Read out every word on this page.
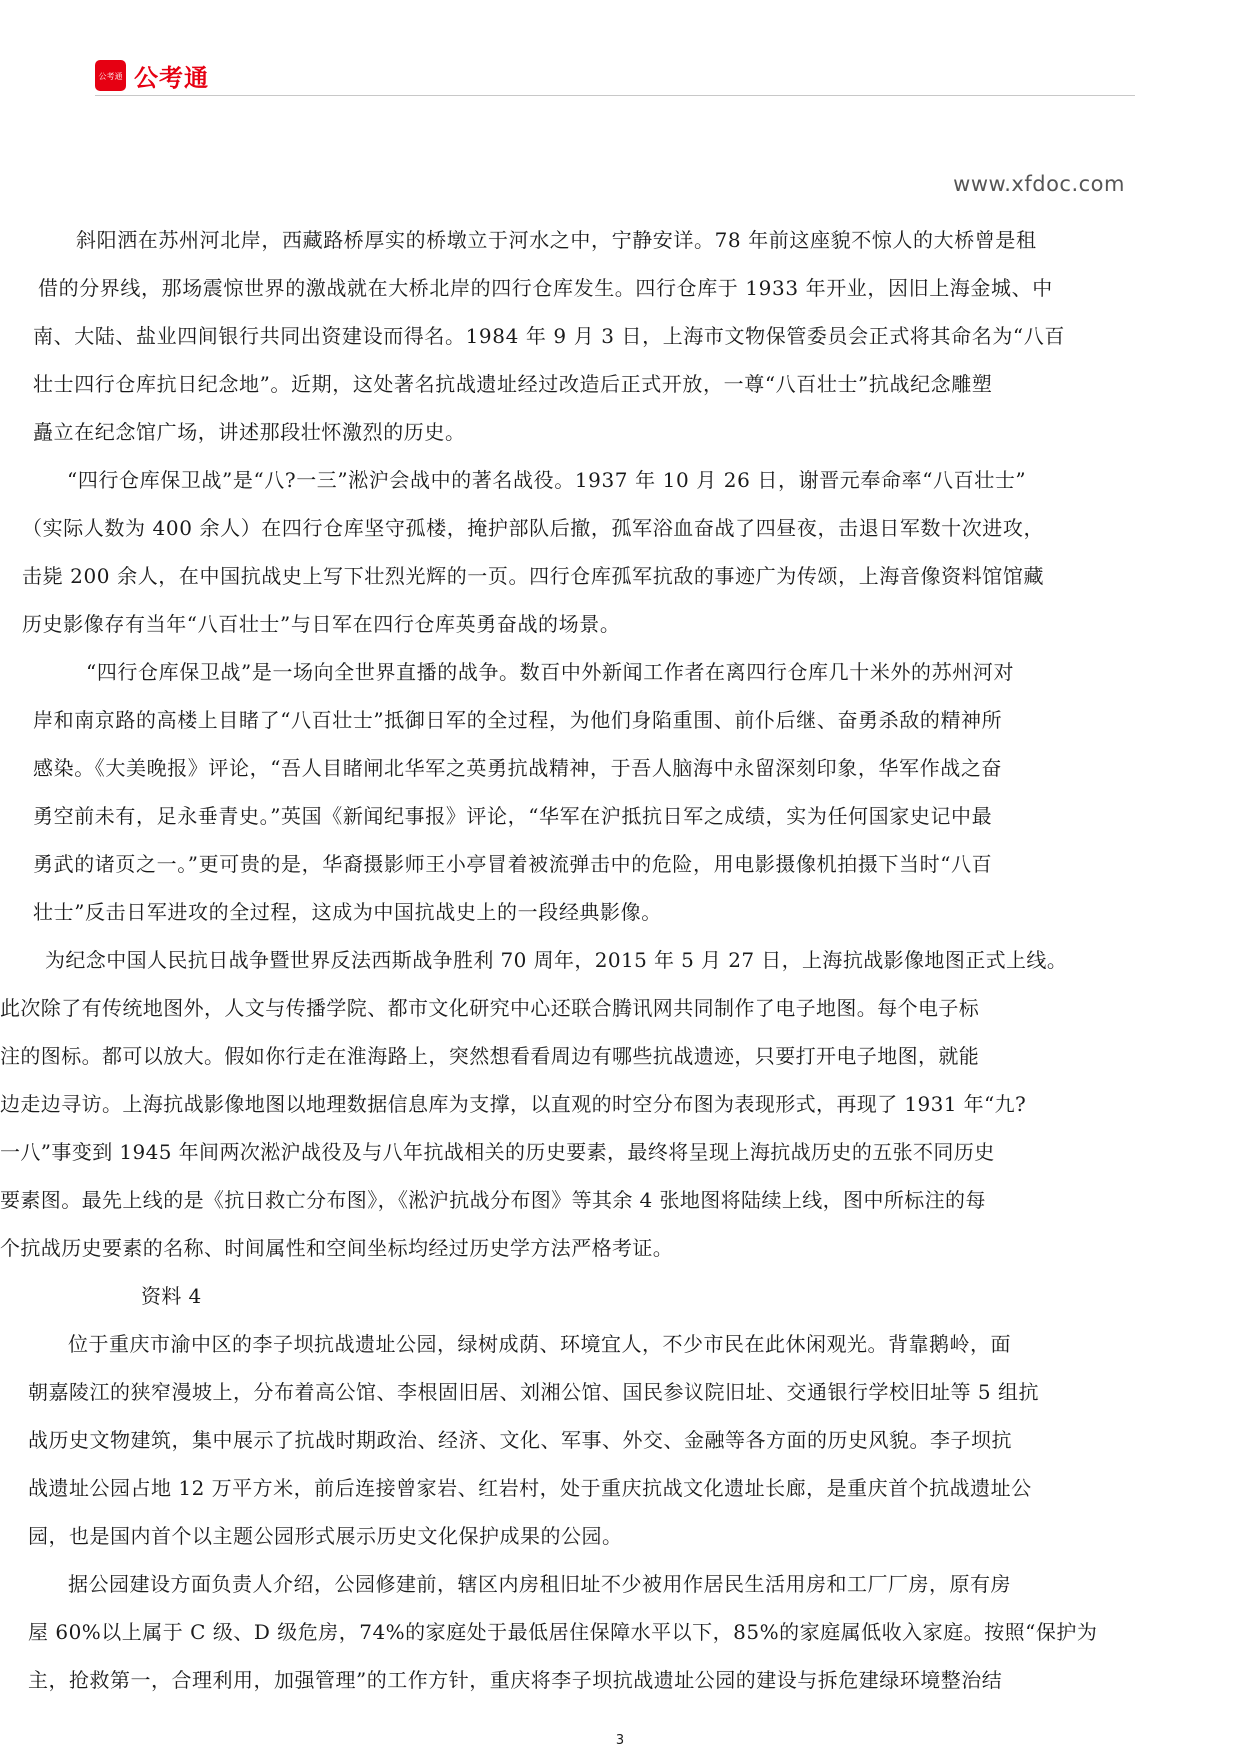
公考通 公考通
www.xfdoc.com
斜阳洒在苏州河北岸，西藏路桥厚实的桥墩立于河水之中，宁静安详。78 年前这座貌不惊人的大桥曾是租
借的分界线，那场震惊世界的激战就在大桥北岸的四行仓库发生。四行仓库于 1933 年开业，因旧上海金城、中
南、大陆、盐业四间银行共同出资建设而得名。1984 年 9 月 3 日，上海市文物保管委员会正式将其命名为“八百
壮士四行仓库抗日纪念地”。近期，这处著名抗战遗址经过改造后正式开放，一尊“八百壮士”抗战纪念雕塑
矗立在纪念馆广场，讲述那段壮怀激烈的历史。
“四行仓库保卫战”是“八?一三”淞沪会战中的著名战役。1937 年 10 月 26 日，谢晋元奉命率“八百壮士”
（实际人数为 400 余人）在四行仓库坚守孤楼，掩护部队后撤，孤军浴血奋战了四昼夜，击退日军数十次进攻，
击毙 200 余人，在中国抗战史上写下壮烈光辉的一页。四行仓库孤军抗敌的事迹广为传颂，上海音像资料馆馆藏
历史影像存有当年“八百壮士”与日军在四行仓库英勇奋战的场景。
“四行仓库保卫战”是一场向全世界直播的战争。数百中外新闻工作者在离四行仓库几十米外的苏州河对
岸和南京路的高楼上目睹了“八百壮士”抵御日军的全过程，为他们身陷重围、前仆后继、奋勇杀敌的精神所
感染。《大美晚报》评论，“吾人目睹闸北华军之英勇抗战精神，于吾人脑海中永留深刻印象，华军作战之奋
勇空前未有，足永垂青史。”英国《新闻纪事报》评论，“华军在沪抵抗日军之成绩，实为任何国家史记中最
勇武的诸页之一。”更可贵的是，华裔摄影师王小亭冒着被流弹击中的危险，用电影摄像机拍摄下当时“八百
壮士”反击日军进攻的全过程，这成为中国抗战史上的一段经典影像。
为纪念中国人民抗日战争暨世界反法西斯战争胜利 70 周年，2015 年 5 月 27 日，上海抗战影像地图正式上线。
此次除了有传统地图外，人文与传播学院、都市文化研究中心还联合腾讯网共同制作了电子地图。每个电子标
注的图标。都可以放大。假如你行走在淮海路上，突然想看看周边有哪些抗战遗迹，只要打开电子地图，就能
边走边寻访。上海抗战影像地图以地理数据信息库为支撑，以直观的时空分布图为表现形式，再现了 1931 年“九?
一八”事变到 1945 年间两次淞沪战役及与八年抗战相关的历史要素，最终将呈现上海抗战历史的五张不同历史
要素图。最先上线的是《抗日救亡分布图》，《淞沪抗战分布图》等其余 4 张地图将陆续上线，图中所标注的每
个抗战历史要素的名称、时间属性和空间坐标均经过历史学方法严格考证。
资料 4
位于重庆市渝中区的李子坝抗战遗址公园，绿树成荫、环境宜人，不少市民在此休闲观光。背靠鹅岭，面
朝嘉陵江的狭窄漫坡上，分布着高公馆、李根固旧居、刘湘公馆、国民参议院旧址、交通银行学校旧址等 5 组抗
战历史文物建筑，集中展示了抗战时期政治、经济、文化、军事、外交、金融等各方面的历史风貌。李子坝抗
战遗址公园占地 12 万平方米，前后连接曾家岩、红岩村，处于重庆抗战文化遗址长廊，是重庆首个抗战遗址公
园，也是国内首个以主题公园形式展示历史文化保护成果的公园。
据公园建设方面负责人介绍，公园修建前，辖区内房租旧址不少被用作居民生活用房和工厂厂房，原有房
屋 60%以上属于 C 级、D 级危房，74%的家庭处于最低居住保障水平以下，85%的家庭属低收入家庭。按照“保护为
主，抢救第一，合理利用，加强管理”的工作方针，重庆将李子坝抗战遗址公园的建设与拆危建绿环境整治结
3
